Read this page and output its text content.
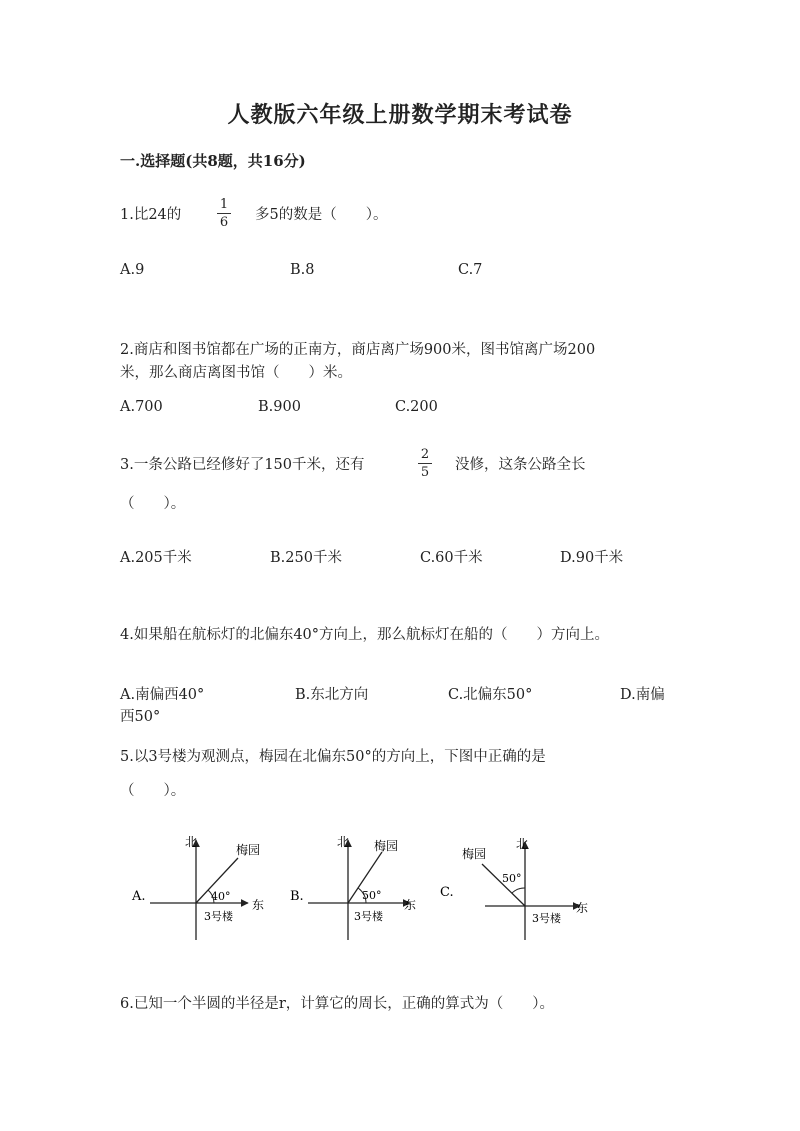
人教版六年级上册数学期末考试卷
一.选择题(共8题，共16分)
1.比24的	$\frac{1}{6}$ 多5的数是（　　）。
A.9	B.8	C.7
2.商店和图书馆都在广场的正南方，商店离广场900米，图书馆离广场200
米，那么商店离图书馆（　　）米。
A.700	B.900	C.200
3.一条公路已经修好了150千米，还有	$\frac{2}{5}$ 没修，这条公路全长
（　　）。
A.205千米	B.250千米	C.60千米	D.90千米
4.如果船在航标灯的北偏东40°方向上，那么航标灯在船的（　　）方向上。
A.南偏西40°	B.东北方向	C.北偏东50°	D.南偏
西50°
5.以3号楼为观测点，梅园在北偏东50°的方向上，下图中正确的是
（　　）。
A.
北
梅园
40°
东
3号楼
B.
北 梅园
50°
东
3号楼
C.
北
梅园
50°
东
3号楼
6.已知一个半圆的半径是r，计算它的周长，正确的算式为（　　）。
